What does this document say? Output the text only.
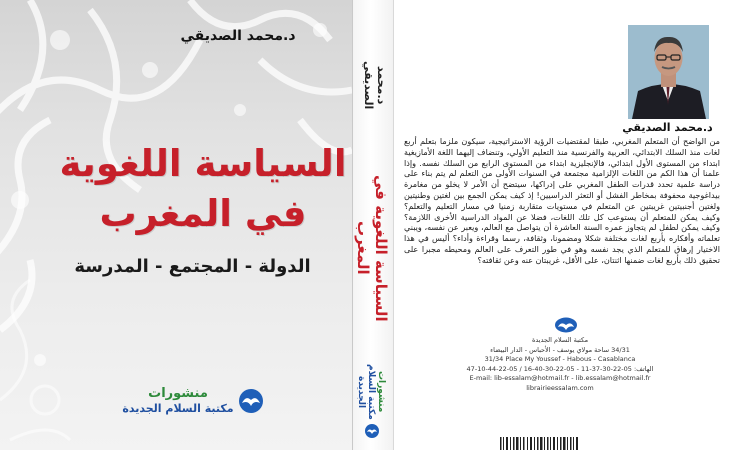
د.محمد الصديقي
السياسة اللغوية
في المغرب
الدولة - المجتمع - المدرسة
منشورات
مكتبة السلام الجديدة
د.محمد الصديقي
السياسة اللغوية في المغرب
منشورات مكتبة السلام الجديدة
د.محمد الصديقي
من الواضح أن المتعلم المغربي، طبقا لمقتضيات الرؤية الاستراتيجية، سيكون ملزما بتعلم أربع لغات منذ السلك الابتدائي، العربية والفرنسية منذ التعليم الأولي، وتنضاف إليهما اللغة الأمازيغية ابتداء من المستوى الأول ابتدائي، فالإنجليزية ابتداء من المستوى الرابع من السلك نفسه. وإذا علمنا أن هذا الكم من اللغات الإلزامية مجتمعة في السنوات الأولى من التعلم لم يتم بناء على دراسة علمية تحدد قدرات الطفل المغربي على إدراكها، سيتضح أن الأمر لا يخلو من مغامرة بيداغوجية محفوفة بمخاطر الفشل أو التعثر الدراسيين! إذ كيف يمكن الجمع بين لغتين وطنيتين ولغتين أجنبيتين غريبتين عن المتعلم في مستويات متقاربة زمنيا في مسار التعليم والتعلم؟ وكيف يمكن للمتعلم أن يستوعب كل تلك اللغات، فضلا عن المواد الدراسية الأخرى اللازمة؟ وكيف يمكن لطفل لم يتجاوز عمره السنة العاشرة أن يتواصل مع العالم، ويعبر عن نفسه، ويبني تعلماته وأفكاره بأربع لغات مختلفة شكلا ومضمونا، وثقافة، رسما وقراءة وأداء؟ أليس في هذا الاختيار إرهاق للمتعلم الذي يجد نفسه وهو في طور التعرف على العالم ومحيطه مجبرا على تحقيق ذلك بأربع لغات ضمنها اثنتان، على الأقل، غريبتان عنه وعن ثقافته؟
مكتبة السلام الجديدة
34/31 ساحة مولاي يوسف - الأحباس - الدار البيضاء
31/34 Place My Youssef - Habous - Casablanca
الهاتف: 05-22-30-37-11 - 05-22-30-40-16 / 05-22-44-10-47
E-mail: lib-essalam@hotmail.fr - lib.essalam@hotmail.fr
librairieessalam.com
